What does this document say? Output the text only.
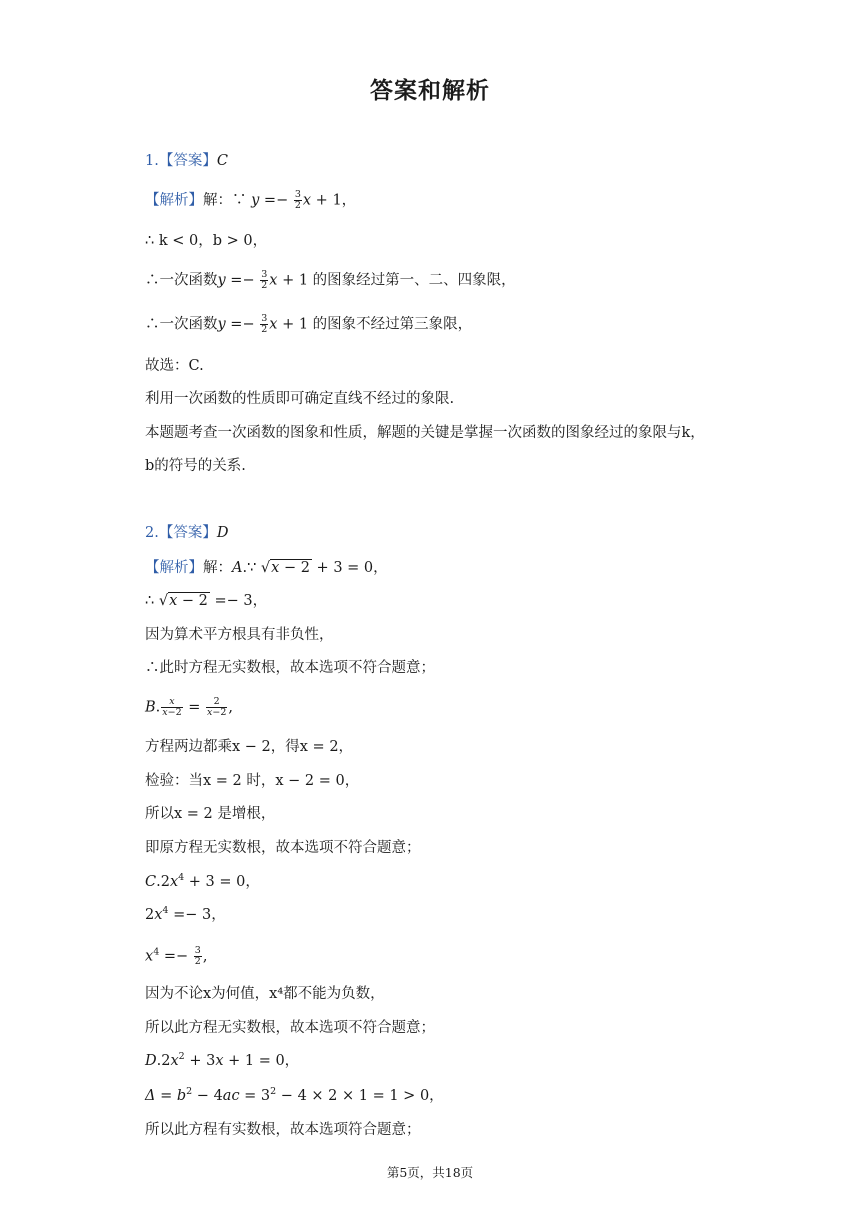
答案和解析
1.【答案】C
【解析】解：∵ $y =- \frac{3}{2}$ x + 1，
∴ k < 0，b > 0，
∴一次函数$y =- \frac{3}{2}$ x + 1 的图象经过第一、二、四象限，
∴一次函数$y =- \frac{3}{2}$ x + 1 的图象不经过第三象限，
故选：C.
利用一次函数的性质即可确定直线不经过的象限.
本题题考查一次函数的图象和性质，解题的关键是掌握一次函数的图象经过的象限与k，
b的符号的关系.
2.【答案】D
【解析】解：A.∵ √x − 2 + 3 = 0，
∴ √x − 2 =− 3，
因为算术平方根具有非负性，
∴此时方程无实数根，故本选项不符合题意；
B. $\frac{x}{x-2} = \frac{2}{x-2}$ ,
方程两边都乘x − 2，得x = 2，
检验：当x = 2 时，x − 2 = 0，
所以x = 2 是增根，
即原方程无实数根，故本选项不符合题意；
$C.2x^4 + 3 = 0$，
$2x^4 =- 3$，
$x^4 =- \frac{3}{2}$ ,
因为不论x为何值，x⁴都不能为负数，
所以此方程无实数根，故本选项不符合题意；
$D.2x^2 + 3x + 1 = 0$，
$\Delta = b^2 - 4ac = 3^2 - 4 \times 2 \times 1 = 1 > 0$，
所以此方程有实数根，故本选项符合题意；
第5页，共18页
